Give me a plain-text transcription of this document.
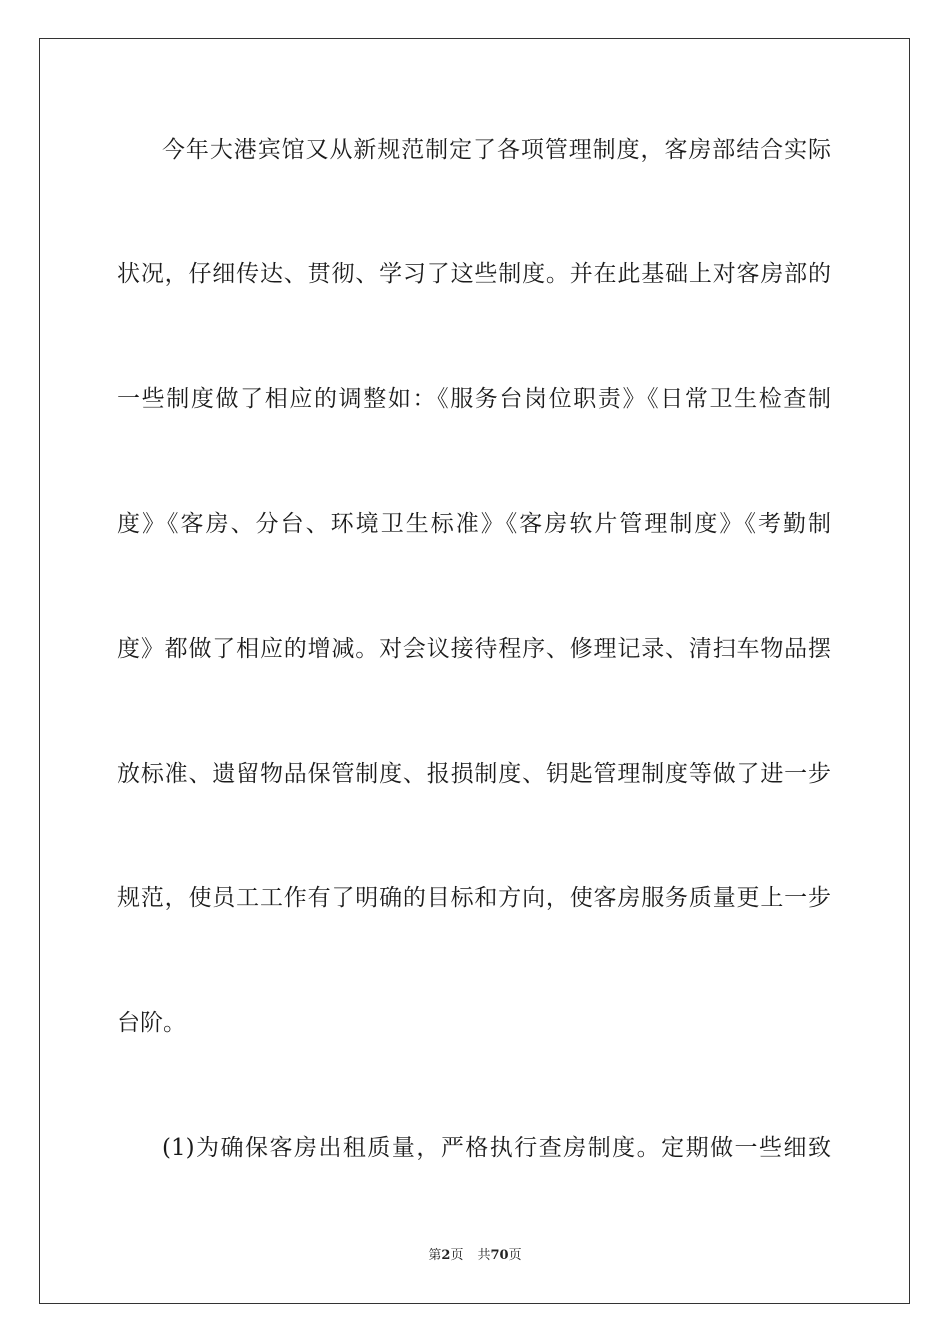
今年大港宾馆又从新规范制定了各项管理制度，客房部结合实际
状况，仔细传达、贯彻、学习了这些制度。并在此基础上对客房部的
一些制度做了相应的调整如：《服务台岗位职责》《日常卫生检查制
度》《客房、分台、环境卫生标准》《客房软片管理制度》《考勤制
度》都做了相应的增减。对会议接待程序、修理记录、清扫车物品摆
放标准、遗留物品保管制度、报损制度、钥匙管理制度等做了进一步
规范，使员工工作有了明确的目标和方向，使客房服务质量更上一步
台阶。
(1)为确保客房出租质量，严格执行查房制度。定期做一些细致
第2页 共70页
